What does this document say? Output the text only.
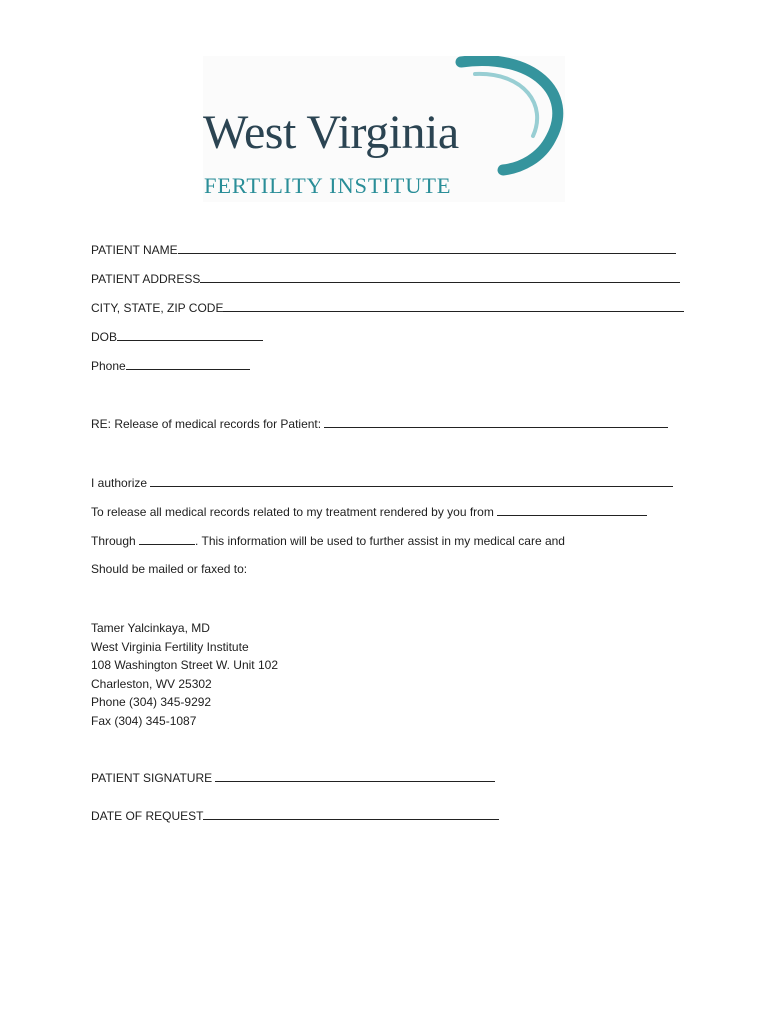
West Virginia
FERTILITY INSTITUTE
PATIENT NAME
PATIENT ADDRESS
CITY, STATE, ZIP CODE
DOB
Phone
RE: Release of medical records for Patient:
I authorize
To release all medical records related to my treatment rendered by you from
Through	. This information will be used to further assist in my medical care and
Should be mailed or faxed to:
Tamer Yalcinkaya, MD
West Virginia Fertility Institute
108 Washington Street W. Unit 102
Charleston, WV 25302
Phone (304) 345-9292
Fax (304) 345-1087
PATIENT SIGNATURE
DATE OF REQUEST
